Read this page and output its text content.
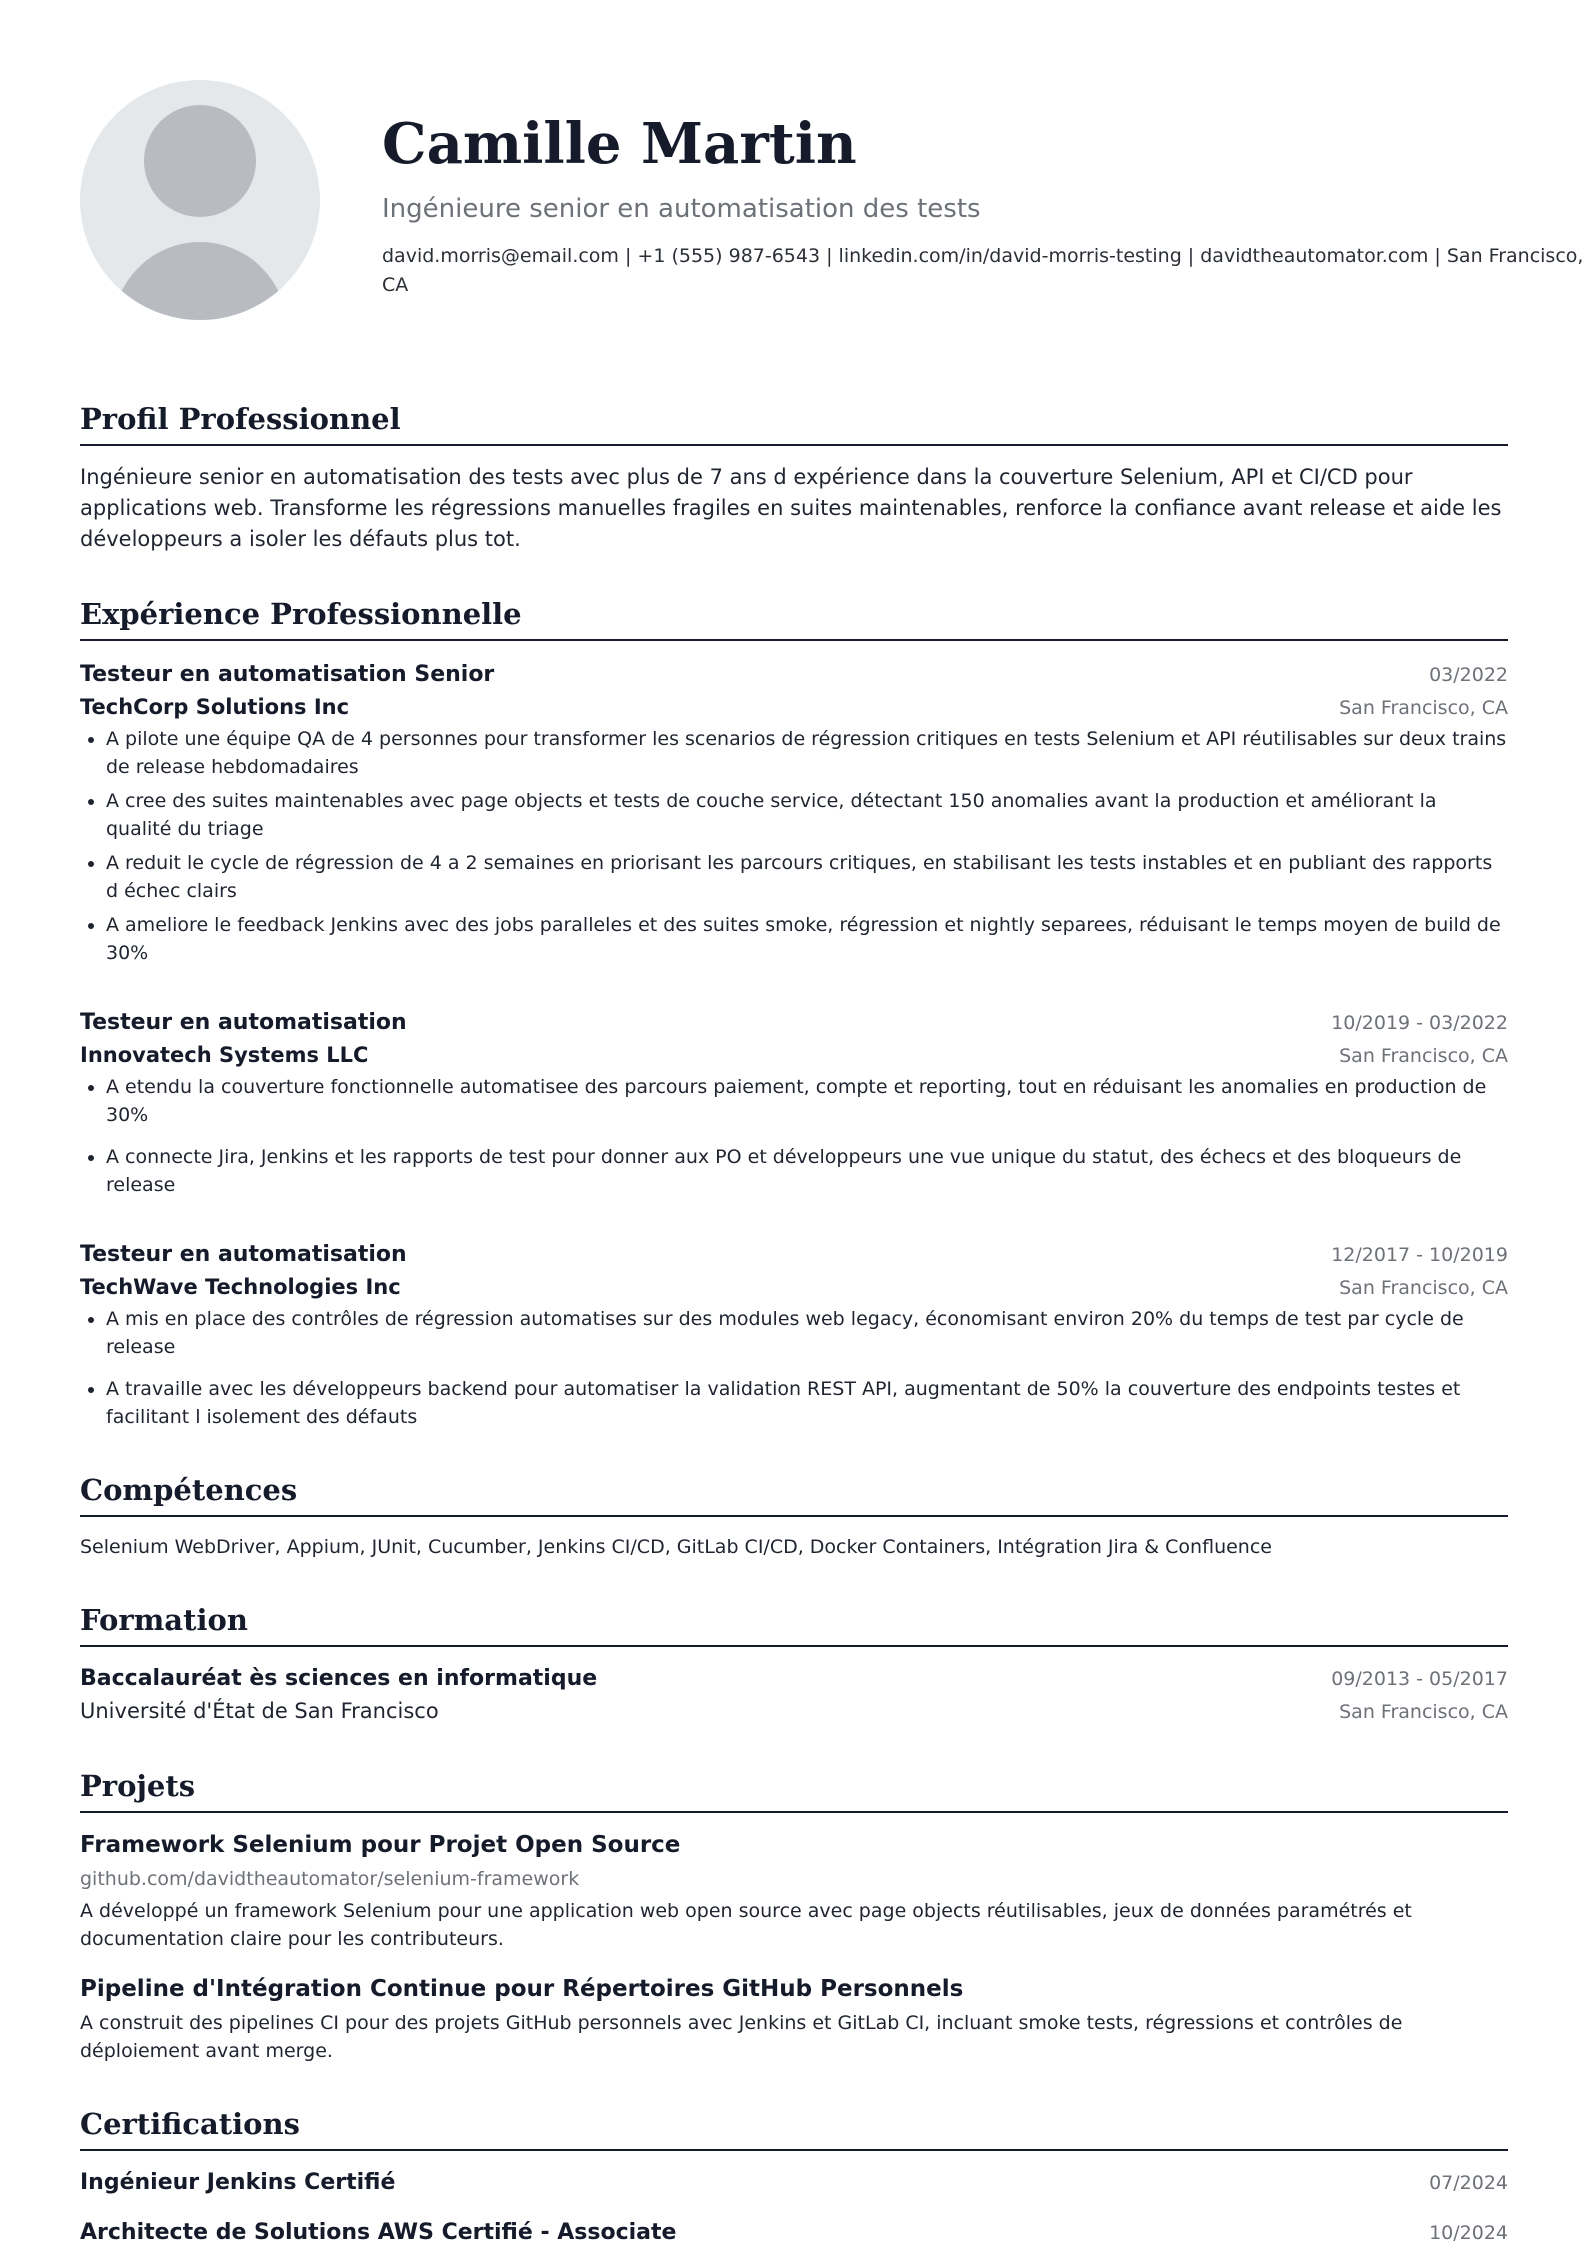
Camille Martin
Ingénieure senior en automatisation des tests
david.morris@email.com | +1 (555) 987-6543 | linkedin.com/in/david-morris-testing | davidtheautomator.com | San Francisco, CA
Profil Professionnel
Ingénieure senior en automatisation des tests avec plus de 7 ans d expérience dans la couverture Selenium, API et CI/CD pour applications web. Transforme les régressions manuelles fragiles en suites maintenables, renforce la confiance avant release et aide les développeurs a isoler les défauts plus tot.
Expérience Professionnelle
Testeur en automatisation Senior	03/2022
TechCorp Solutions Inc	San Francisco, CA
• A pilote une équipe QA de 4 personnes pour transformer les scenarios de régression critiques en tests Selenium et API réutilisables sur deux trains de release hebdomadaires
• A cree des suites maintenables avec page objects et tests de couche service, détectant 150 anomalies avant la production et améliorant la qualité du triage
• A reduit le cycle de régression de 4 a 2 semaines en priorisant les parcours critiques, en stabilisant les tests instables et en publiant des rapports d échec clairs
• A ameliore le feedback Jenkins avec des jobs paralleles et des suites smoke, régression et nightly separees, réduisant le temps moyen de build de 30%
Testeur en automatisation	10/2019 - 03/2022
Innovatech Systems LLC	San Francisco, CA
• A etendu la couverture fonctionnelle automatisee des parcours paiement, compte et reporting, tout en réduisant les anomalies en production de 30%
• A connecte Jira, Jenkins et les rapports de test pour donner aux PO et développeurs une vue unique du statut, des échecs et des bloqueurs de release
Testeur en automatisation	12/2017 - 10/2019
TechWave Technologies Inc	San Francisco, CA
• A mis en place des contrôles de régression automatises sur des modules web legacy, économisant environ 20% du temps de test par cycle de release
• A travaille avec les développeurs backend pour automatiser la validation REST API, augmentant de 50% la couverture des endpoints testes et facilitant l isolement des défauts
Compétences
Selenium WebDriver, Appium, JUnit, Cucumber, Jenkins CI/CD, GitLab CI/CD, Docker Containers, Intégration Jira & Confluence
Formation
Baccalauréat ès sciences en informatique	09/2013 - 05/2017
Université d'État de San Francisco	San Francisco, CA
Projets
Framework Selenium pour Projet Open Source
github.com/davidtheautomator/selenium-framework
A développé un framework Selenium pour une application web open source avec page objects réutilisables, jeux de données paramétrés et documentation claire pour les contributeurs.
Pipeline d'Intégration Continue pour Répertoires GitHub Personnels
A construit des pipelines CI pour des projets GitHub personnels avec Jenkins et GitLab CI, incluant smoke tests, régressions et contrôles de déploiement avant merge.
Certifications
Ingénieur Jenkins Certifié	07/2024
Architecte de Solutions AWS Certifié - Associate	10/2024
